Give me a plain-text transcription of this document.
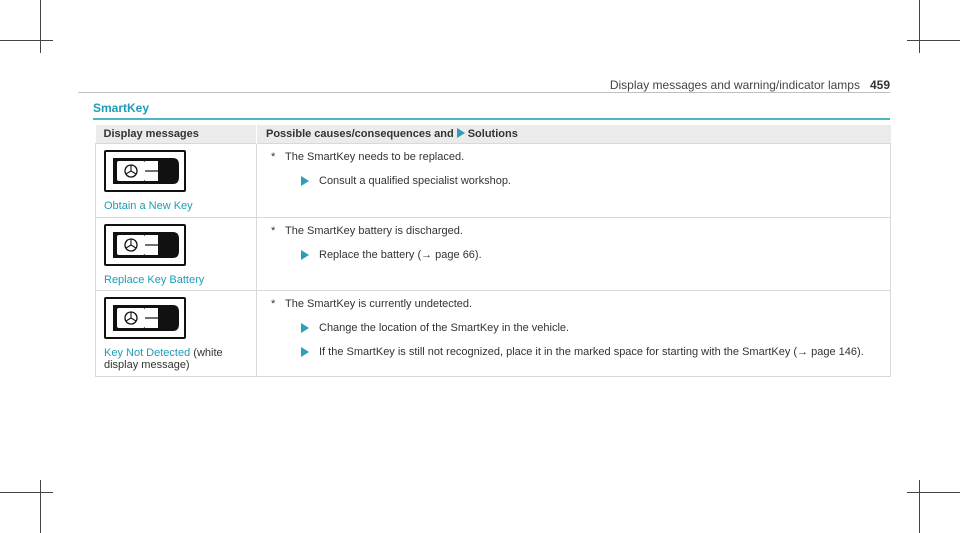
Display messages and warning/indicator lamps 459
SmartKey
Display messages	Possible causes/consequences and Solutions

Obtain a New Key	* The SmartKey needs to be replaced.
Consult a qualified specialist workshop.

Replace Key Battery	* The SmartKey battery is discharged.
Replace the battery (→ page 66).

Key Not Detected (white display message)	* The SmartKey is currently undetected.
Change the location of the SmartKey in the vehicle.
If the SmartKey is still not recognized, place it in the marked space for starting with the SmartKey (→ page 146).
